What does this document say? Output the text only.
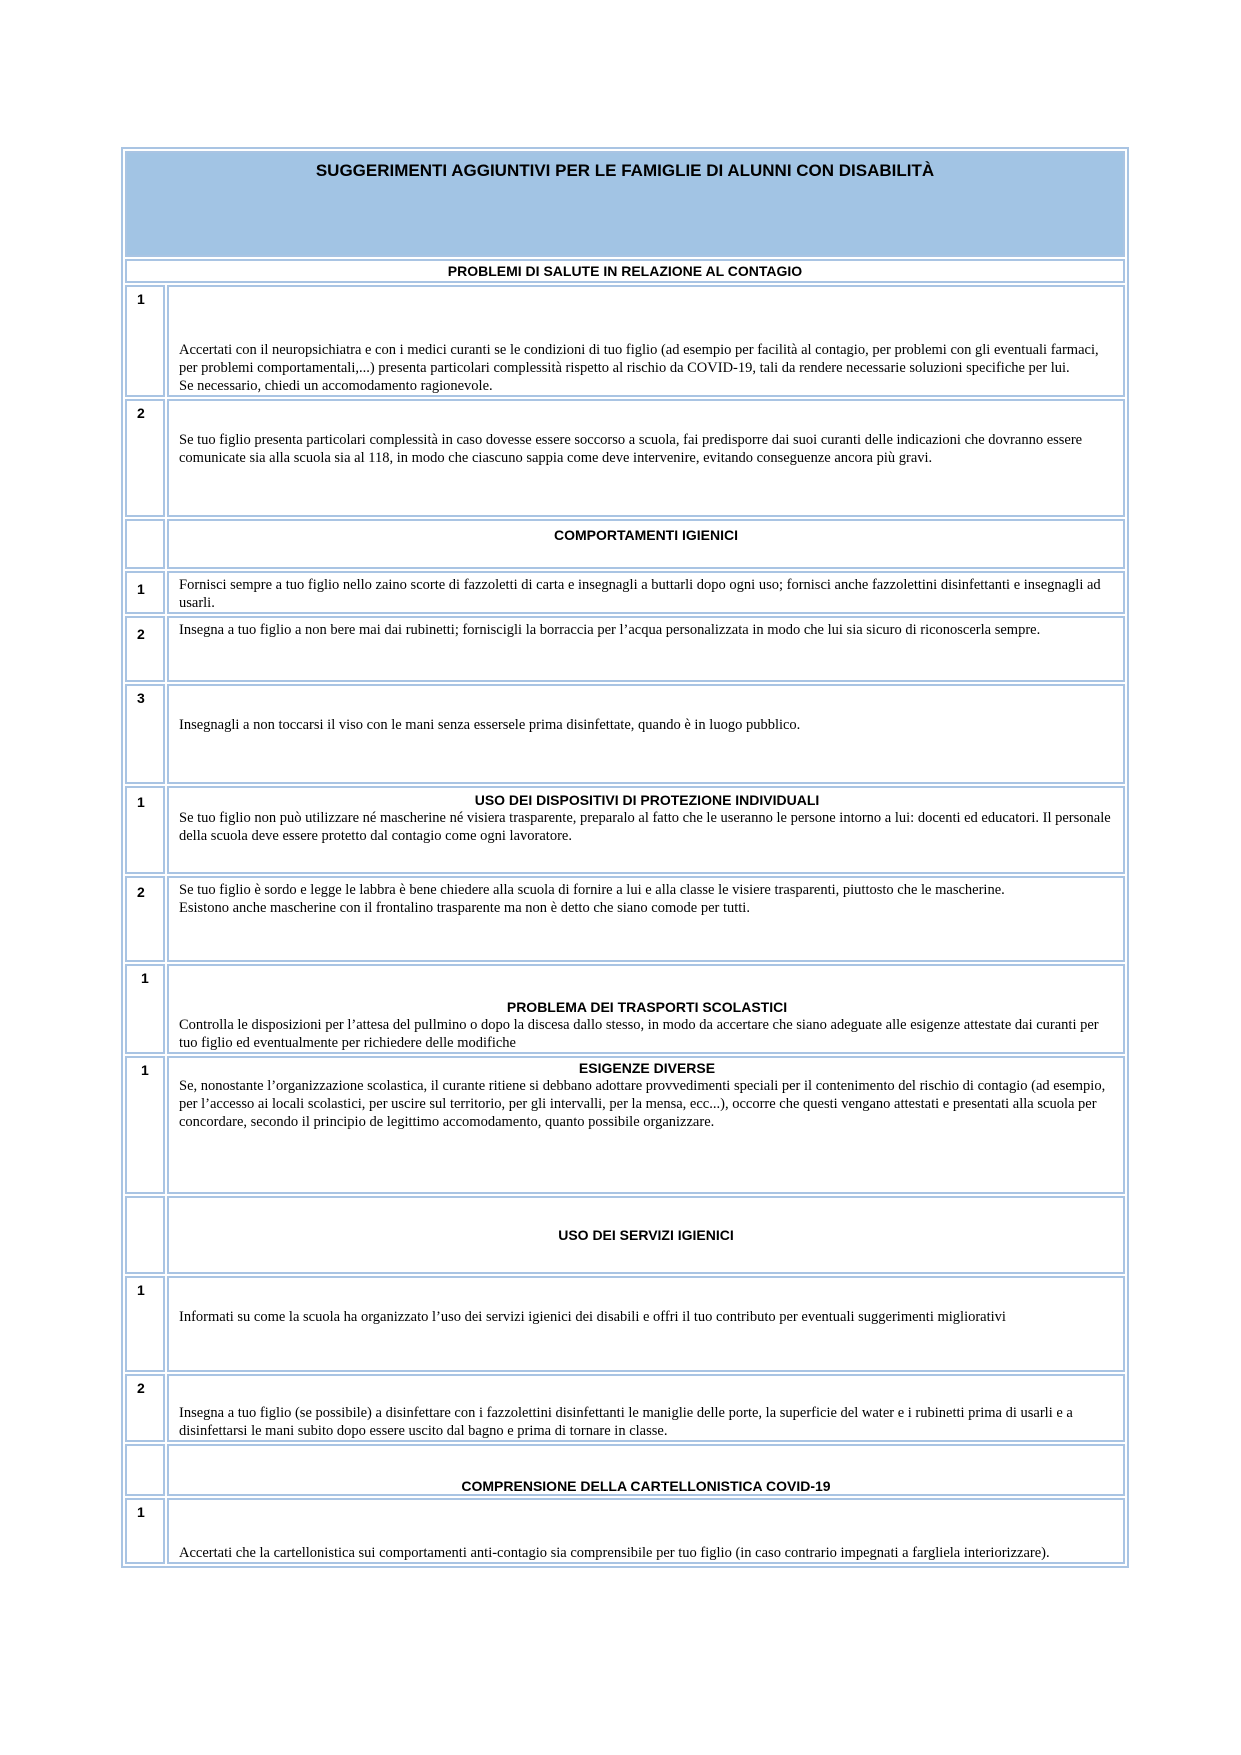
SUGGERIMENTI AGGIUNTIVI PER LE FAMIGLIE DI ALUNNI CON DISABILITÀ	
PROBLEMI DI SALUTE IN RELAZIONE AL CONTAGIO	
1	Accertati con il neuropsichiatra e con i medici curanti se le condizioni di tuo figlio (ad esempio per facilità al contagio, per problemi con gli eventuali farmaci, per problemi comportamentali,...) presenta particolari complessità rispetto al rischio da COVID-19, tali da rendere necessarie soluzioni specifiche per lui.
Se necessario, chiedi un accomodamento ragionevole.

2	Se tuo figlio presenta particolari complessità in caso dovesse essere soccorso a scuola, fai predisporre dai suoi curanti delle indicazioni che dovranno essere comunicate sia alla scuola sia al 118, in modo che ciascuno sappia come deve intervenire, evitando conseguenze ancora più gravi.

	COMPORTAMENTI IGIENICI
1	Fornisci sempre a tuo figlio nello zaino scorte di fazzoletti di carta e insegnagli a buttarli dopo ogni uso; fornisci anche fazzolettini disinfettanti e insegnagli ad usarli.

2	Insegna a tuo figlio a non bere mai dai rubinetti; forniscigli la borraccia per l’acqua personalizzata in modo che lui sia sicuro di riconoscerla sempre.

3	Insegnagli a non toccarsi il viso con le mani senza essersele prima disinfettate, quando è in luogo pubblico.

1	USO DEI DISPOSITIVI DI PROTEZIONE INDIVIDUALI
Se tuo figlio non può utilizzare né mascherine né visiera trasparente, preparalo al fatto che le useranno le persone intorno a lui: docenti ed educatori. Il personale della scuola deve essere protetto dal contagio come ogni lavoratore.

2	Se tuo figlio è sordo e legge le labbra è bene chiedere alla scuola di fornire a lui e alla classe le visiere trasparenti, piuttosto che le mascherine.
Esistono anche mascherine con il frontalino trasparente ma non è detto che siano comode per tutti.

1	PROBLEMA DEI TRASPORTI SCOLASTICI
Controlla le disposizioni per l’attesa del pullmino o dopo la discesa dallo stesso, in modo da accertare che siano adeguate alle esigenze attestate dai curanti per tuo figlio ed eventualmente per richiedere delle modifiche

1	ESIGENZE DIVERSE
Se, nonostante l’organizzazione scolastica, il curante ritiene si debbano adottare provvedimenti speciali per il contenimento del rischio di contagio (ad esempio, per l’accesso ai locali scolastici, per uscire sul territorio, per gli intervalli, per la mensa, ecc...), occorre che questi vengano attestati e presentati alla scuola per concordare, secondo il principio de legittimo accomodamento, quanto possibile organizzare.

	USO DEI SERVIZI IGIENICI
1	Informati su come la scuola ha organizzato l’uso dei servizi igienici dei disabili e offri il tuo contributo per eventuali suggerimenti migliorativi

2	Insegna a tuo figlio (se possibile) a disinfettare con i fazzolettini disinfettanti le maniglie delle porte, la superficie del water e i rubinetti prima di usarli e a disinfettarsi le mani subito dopo essere uscito dal bagno e prima di tornare in classe.

	COMPRENSIONE DELLA CARTELLONISTICA COVID-19
1	Accertati che la cartellonistica sui comportamenti anti-contagio sia comprensibile per tuo figlio (in caso contrario impegnati a fargliela interiorizzare).
